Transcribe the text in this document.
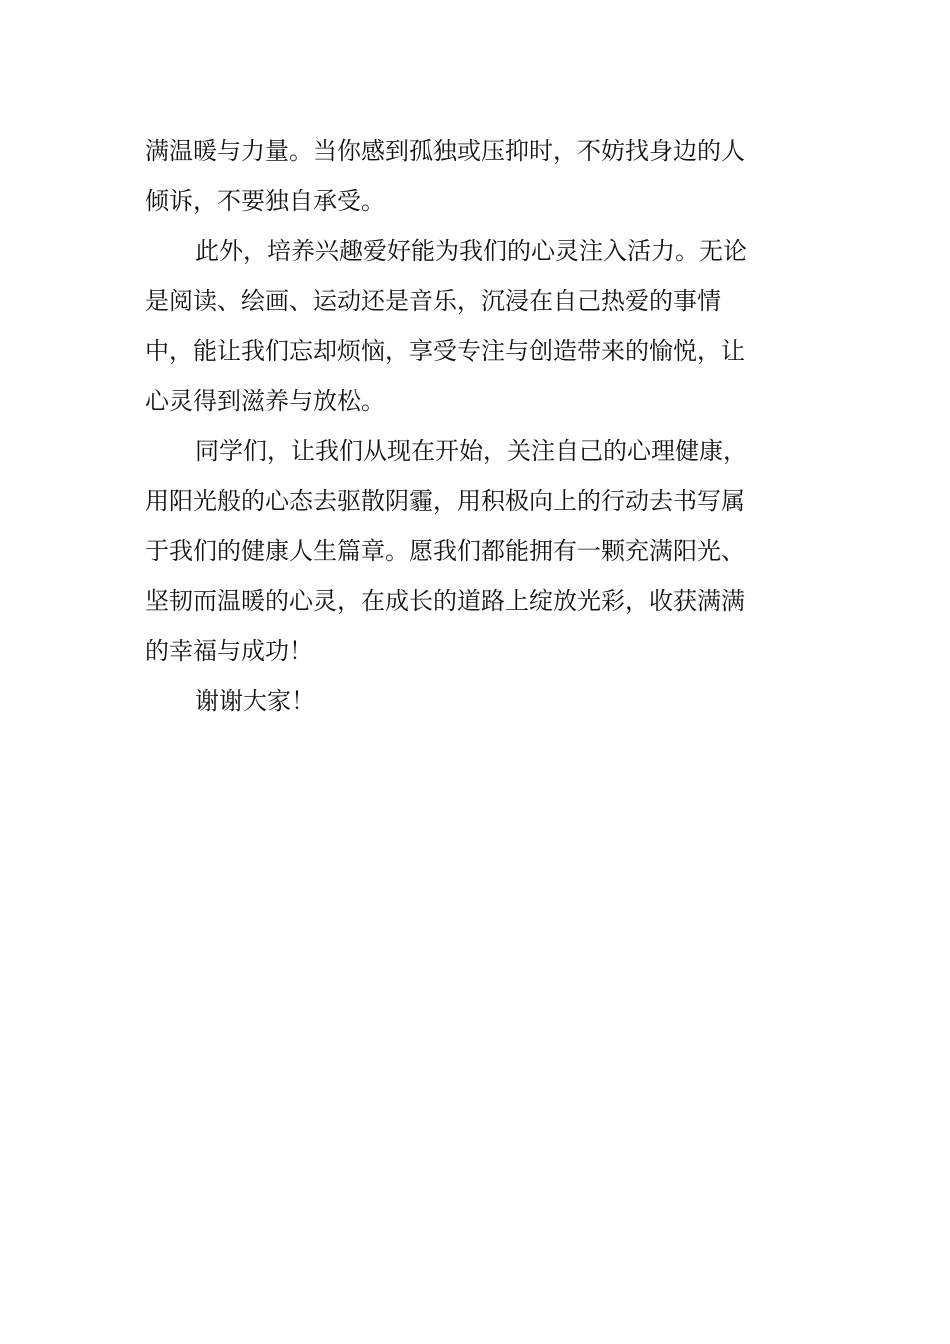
满温暖与力量。当你感到孤独或压抑时，不妨找身边的人
倾诉，不要独自承受。
此外，培养兴趣爱好能为我们的心灵注入活力。无论
是阅读、绘画、运动还是音乐，沉浸在自己热爱的事情
中，能让我们忘却烦恼，享受专注与创造带来的愉悦，让
心灵得到滋养与放松。
同学们，让我们从现在开始，关注自己的心理健康，
用阳光般的心态去驱散阴霾，用积极向上的行动去书写属
于我们的健康人生篇章。愿我们都能拥有一颗充满阳光、
坚韧而温暖的心灵，在成长的道路上绽放光彩，收获满满
的幸福与成功！
谢谢大家！
